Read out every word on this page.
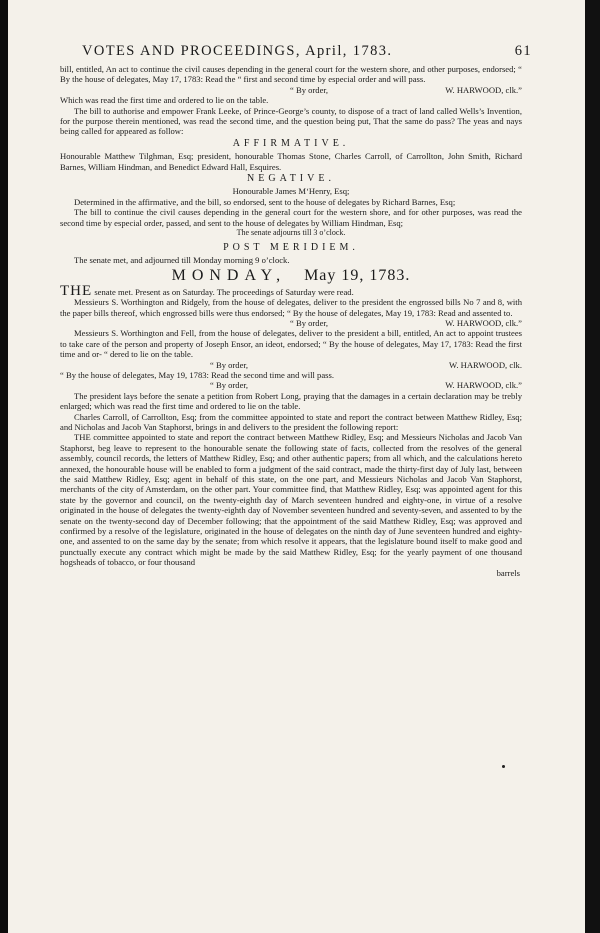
VOTES AND PROCEEDINGS, April, 1783.	61

bill, entitled, An act to continue the civil causes depending in the general court for the western shore, and other purposes, endorsed; “ By the house of delegates, May 17, 1783: Read the “ first and second time by especial order and will pass.

“ By order,	W. HARWOOD, clk.”

Which was read the first time and ordered to lie on the table.

The bill to authorise and empower Frank Leeke, of Prince-George’s county, to dispose of a tract of land called Wells’s Invention, for the purpose therein mentioned, was read the second time, and the question being put, That the same do pass? The yeas and nays being called for appeared as follow:

AFFIRMATIVE.

Honourable Matthew Tilghman, Esq; president, honourable Thomas Stone, Charles Carroll, of Carrollton, John Smith, Richard Barnes, William Hindman, and Benedict Edward Hall, Esquires.

NEGATIVE.

Honourable James M‘Henry, Esq;

Determined in the affirmative, and the bill, so endorsed, sent to the house of delegates by Richard Barnes, Esq;

The bill to continue the civil causes depending in the general court for the western shore, and for other purposes, was read the second time by especial order, passed, and sent to the house of delegates by William Hindman, Esq;

The senate adjourns till 3 o’clock.

POST MERIDIEM.

The senate met, and adjourned till Monday morning 9 o’clock.

MONDAY, May 19, 1783.

THE senate met. Present as on Saturday. The proceedings of Saturday were read.

Messieurs S. Worthington and Ridgely, from the house of delegates, deliver to the president the engrossed bills No 7 and 8, with the paper bills thereof, which engrossed bills were thus endorsed; “ By the house of delegates, May 19, 1783: Read and assented to.

“ By order,	W. HARWOOD, clk.”

Messieurs S. Worthington and Fell, from the house of delegates, deliver to the president a bill, entitled, An act to appoint trustees to take care of the person and property of Joseph Ensor, an ideot, endorsed; “ By the house of delegates, May 17, 1783: Read the first time and or- “ dered to lie on the table.

“ By order,	W. HARWOOD, clk.

“ By the house of delegates, May 19, 1783: Read the second time and will pass.

“ By order,	W. HARWOOD, clk.”

The president lays before the senate a petition from Robert Long, praying that the damages in a certain declaration may be trebly enlarged; which was read the first time and ordered to lie on the table.

Charles Carroll, of Carrollton, Esq; from the committee appointed to state and report the contract between Matthew Ridley, Esq; and Nicholas and Jacob Van Staphorst, brings in and delivers to the president the following report:

THE committee appointed to state and report the contract between Matthew Ridley, Esq; and Messieurs Nicholas and Jacob Van Staphorst, beg leave to represent to the honourable senate the following state of facts, collected from the resolves of the general assembly, council records, the letters of Matthew Ridley, Esq; and other authentic papers; from all which, and the calculations hereto annexed, the honourable house will be enabled to form a judgment of the said contract, made the thirty-first day of July last, between the said Matthew Ridley, Esq; agent in behalf of this state, on the one part, and Messieurs Nicholas and Jacob Van Staphorst, merchants of the city of Amsterdam, on the other part. Your committee find, that Matthew Ridley, Esq; was appointed agent for this state by the governor and council, on the twenty-eighth day of March seventeen hundred and eighty-one, in virtue of a resolve originated in the house of delegates the twenty-eighth day of November seventeen hundred and seventy-seven, and assented to by the senate on the twenty-second day of December following; that the appointment of the said Matthew Ridley, Esq; was approved and confirmed by a resolve of the legislature, originated in the house of delegates on the ninth day of June seventeen hundred and eighty-one, and assented to on the same day by the senate; from which resolve it appears, that the legislature bound itself to make good and punctually execute any contract which might be made by the said Matthew Ridley, Esq; for the yearly payment of one thousand hogsheads of tobacco, or four thousand

barrels
